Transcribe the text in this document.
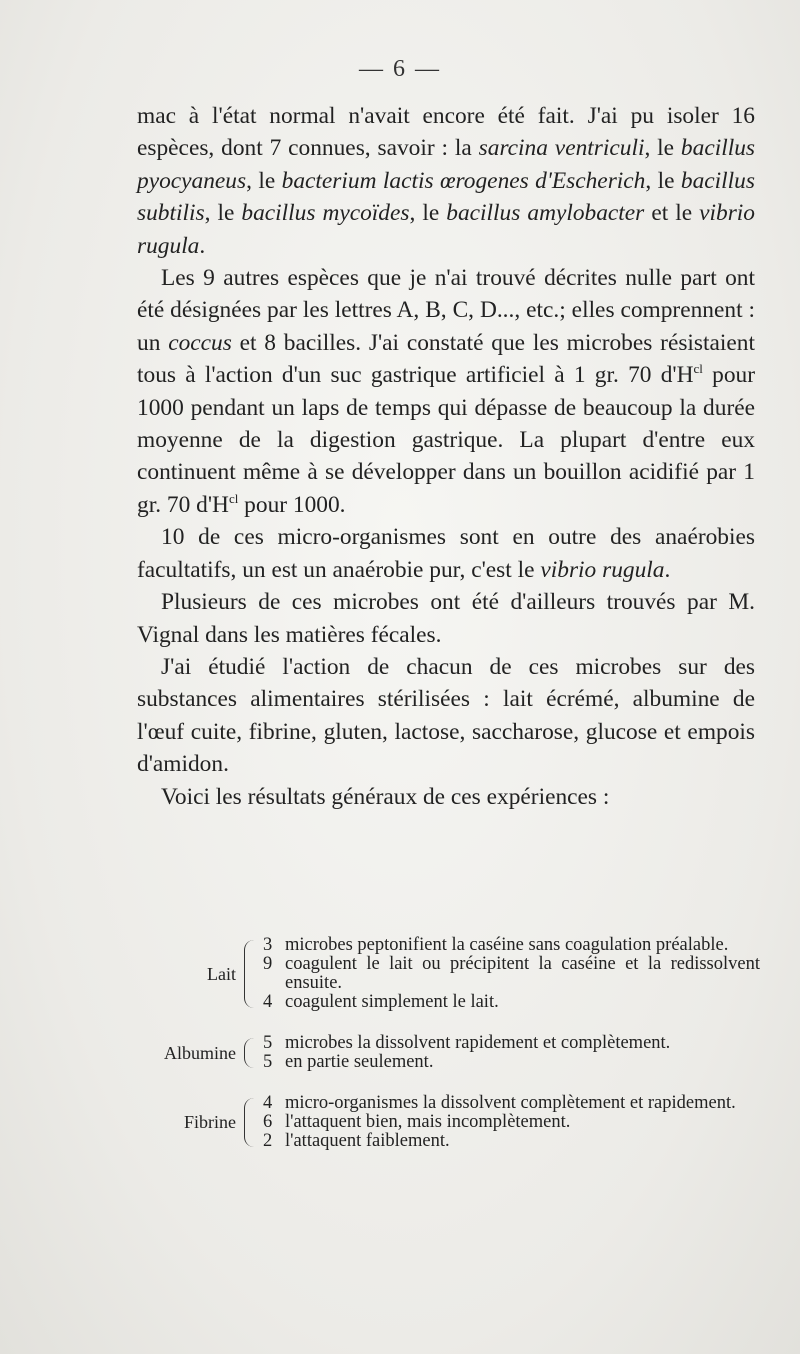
— 6 —

mac à l'état normal n'avait encore été fait. J'ai pu isoler 16 espèces, dont 7 connues, savoir : la sarcina ventriculi, le bacillus pyocyaneus, le bacterium lactis œrogenes d'Escherich, le bacillus subtilis, le bacillus mycoïdes, le bacillus amylobacter et le vibrio rugula.

Les 9 autres espèces que je n'ai trouvé décrites nulle part ont été désignées par les lettres A, B, C, D..., etc.; elles comprennent : un coccus et 8 bacilles. J'ai constaté que les microbes résistaient tous à l'action d'un suc gastrique artificiel à 1 gr. 70 $d'H^{cl}$ pour 1000 pendant un laps de temps qui dépasse de beaucoup la durée moyenne de la digestion gastrique. La plupart d'entre eux continuent même à se développer dans un bouillon acidifié par 1 gr. 70 $d'H^{cl}$ pour 1000.

10 de ces micro-organismes sont en outre des anaérobies facultatifs, un est un anaérobie pur, c'est le vibrio rugula.

Plusieurs de ces microbes ont été d'ailleurs trouvés par M. Vignal dans les matières fécales.

J'ai étudié l'action de chacun de ces microbes sur des substances alimentaires stérilisées : lait écrémé, albumine de l'œuf cuite, fibrine, gluten, lactose, saccharose, glucose et empois d'amidon.

Voici les résultats généraux de ces expériences :

Lait
3 microbes peptonifient la caséine sans coagulation préalable.
9 coagulent le lait ou précipitent la caséine et la redissolvent ensuite.
4 coagulent simplement le lait.
Albumine 5 microbes la dissolvent rapidement et complètement.
5 en partie seulement.
Fibrine
4 micro-organismes la dissolvent complètement et rapidement.
6 l'attaquent bien, mais incomplètement.
2 l'attaquent faiblement.
